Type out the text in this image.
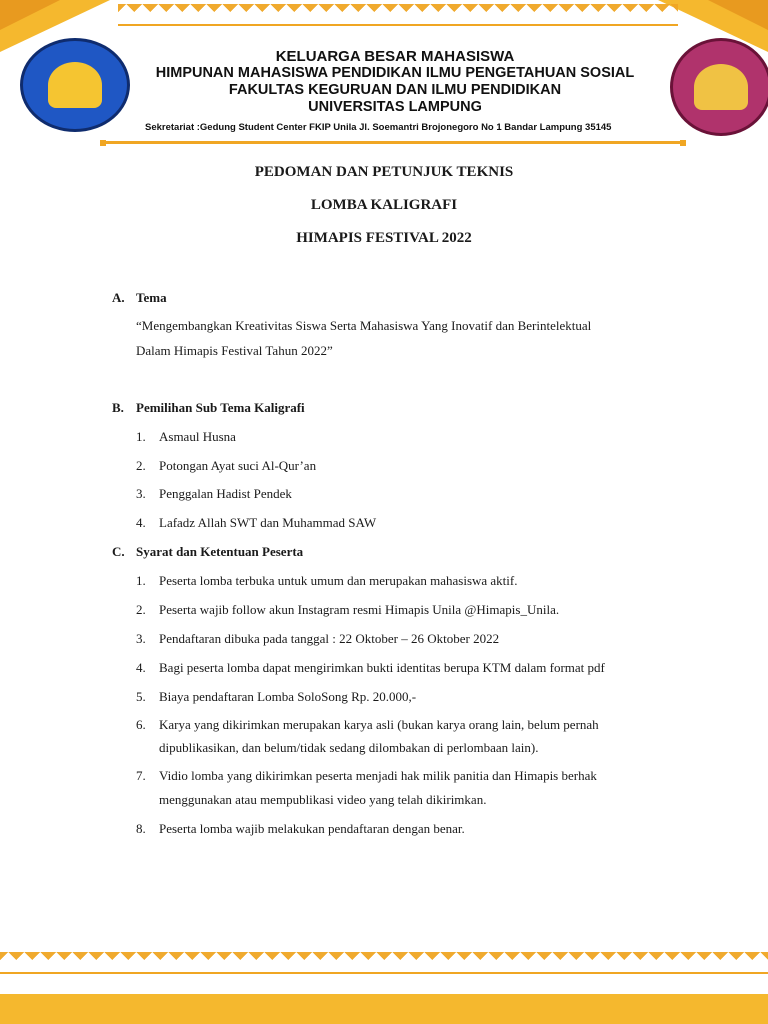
KELUARGA BESAR MAHASISWA
HIMPUNAN MAHASISWA PENDIDIKAN ILMU PENGETAHUAN SOSIAL
FAKULTAS KEGURUAN DAN ILMU PENDIDIKAN
UNIVERSITAS LAMPUNG
Sekretariat :Gedung Student Center FKIP Unila Jl. Soemantri Brojonegoro No 1 Bandar Lampung 35145
PEDOMAN DAN PETUNJUK TEKNIS
LOMBA KALIGRAFI
HIMAPIS FESTIVAL 2022
A. Tema
“Mengembangkan Kreativitas Siswa Serta Mahasiswa Yang Inovatif dan Berintelektual
Dalam Himapis Festival Tahun 2022”
B. Pemilihan Sub Tema Kaligrafi
1.	Asmaul Husna
2.	Potongan Ayat suci Al-Qur’an
3.	Penggalan Hadist Pendek
4.	Lafadz Allah SWT dan Muhammad SAW
C. Syarat dan Ketentuan Peserta
1.	Peserta lomba terbuka untuk umum dan merupakan mahasiswa aktif.
2.	Peserta wajib follow akun Instagram resmi Himapis Unila @Himapis_Unila.
3.	Pendaftaran dibuka pada tanggal : 22 Oktober – 26 Oktober 2022
4.	Bagi peserta lomba dapat mengirimkan bukti identitas berupa KTM dalam format pdf
5.	Biaya pendaftaran Lomba SoloSong Rp. 20.000,-
6.	Karya yang dikirimkan merupakan karya asli (bukan karya orang lain, belum pernah
dipublikasikan, dan belum/tidak sedang dilombakan di perlombaan lain).
7.	Vidio lomba yang dikirimkan peserta menjadi hak milik panitia dan Himapis berhak
menggunakan atau mempublikasi video yang telah dikirimkan.
8.	Peserta lomba wajib melakukan pendaftaran dengan benar.
